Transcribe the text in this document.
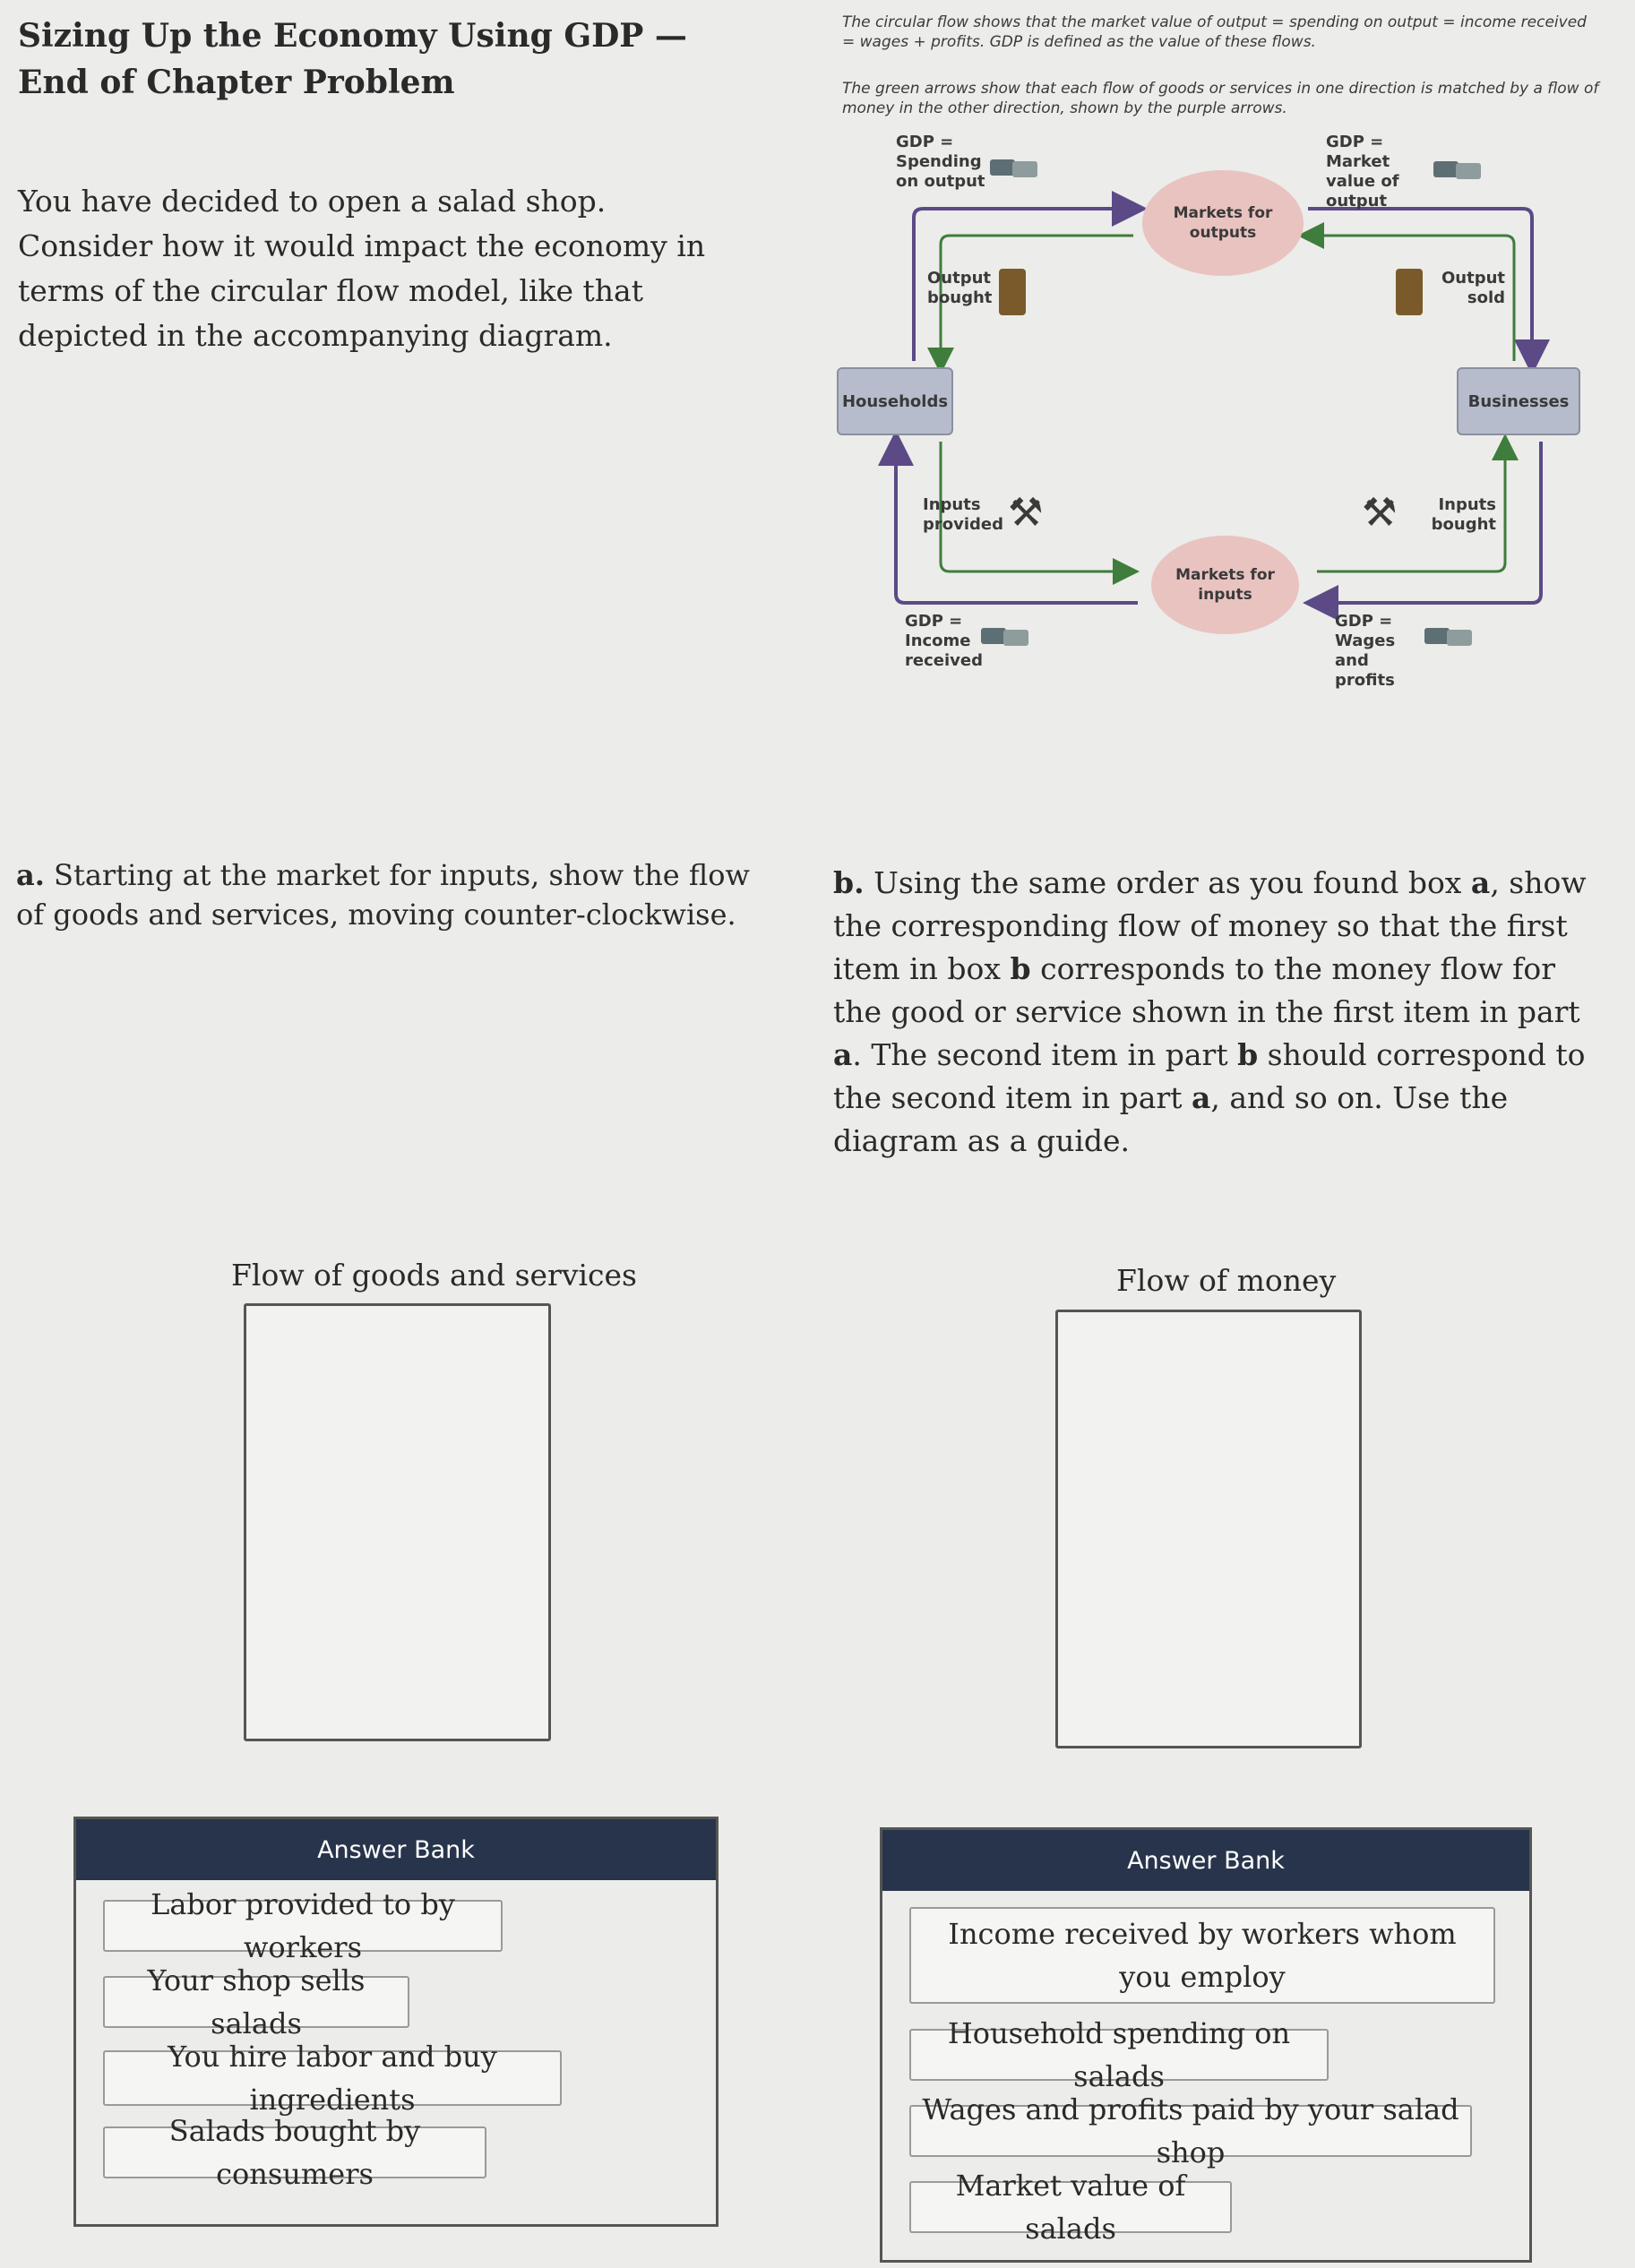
Sizing Up the Economy Using GDP — End of Chapter Problem
You have decided to open a salad shop. Consider how it would impact the economy in terms of the circular flow model, like that depicted in the accompanying diagram.
The circular flow shows that the market value of output = spending on output = income received = wages + profits. GDP is defined as the value of these flows.
The green arrows show that each flow of goods or services in one direction is matched by a flow of money in the other direction, shown by the purple arrows.
GDP = Spending on output
GDP = Market value of output
Markets for outputs
Output bought
Output sold
Households	Businesses
Inputs provided ⚒	Inputs bought
⚒
Markets for inputs
GDP = Income received
GDP = Wages and profits
a. Starting at the market for inputs, show the flow of goods and services, moving counter-clockwise.
b. Using the same order as you found box a, show the corresponding flow of money so that the first item in box b corresponds to the money flow for the good or service shown in the first item in part a. The second item in part b should correspond to the second item in part a, and so on. Use the diagram as a guide.
Flow of goods and services	Flow of money
Answer Bank
Labor provided to by workers
Your shop sells salads
You hire labor and buy ingredients
Salads bought by consumers
Answer Bank
Income received by workers whom you employ
Household spending on salads
Wages and profits paid by your salad shop
Market value of salads
